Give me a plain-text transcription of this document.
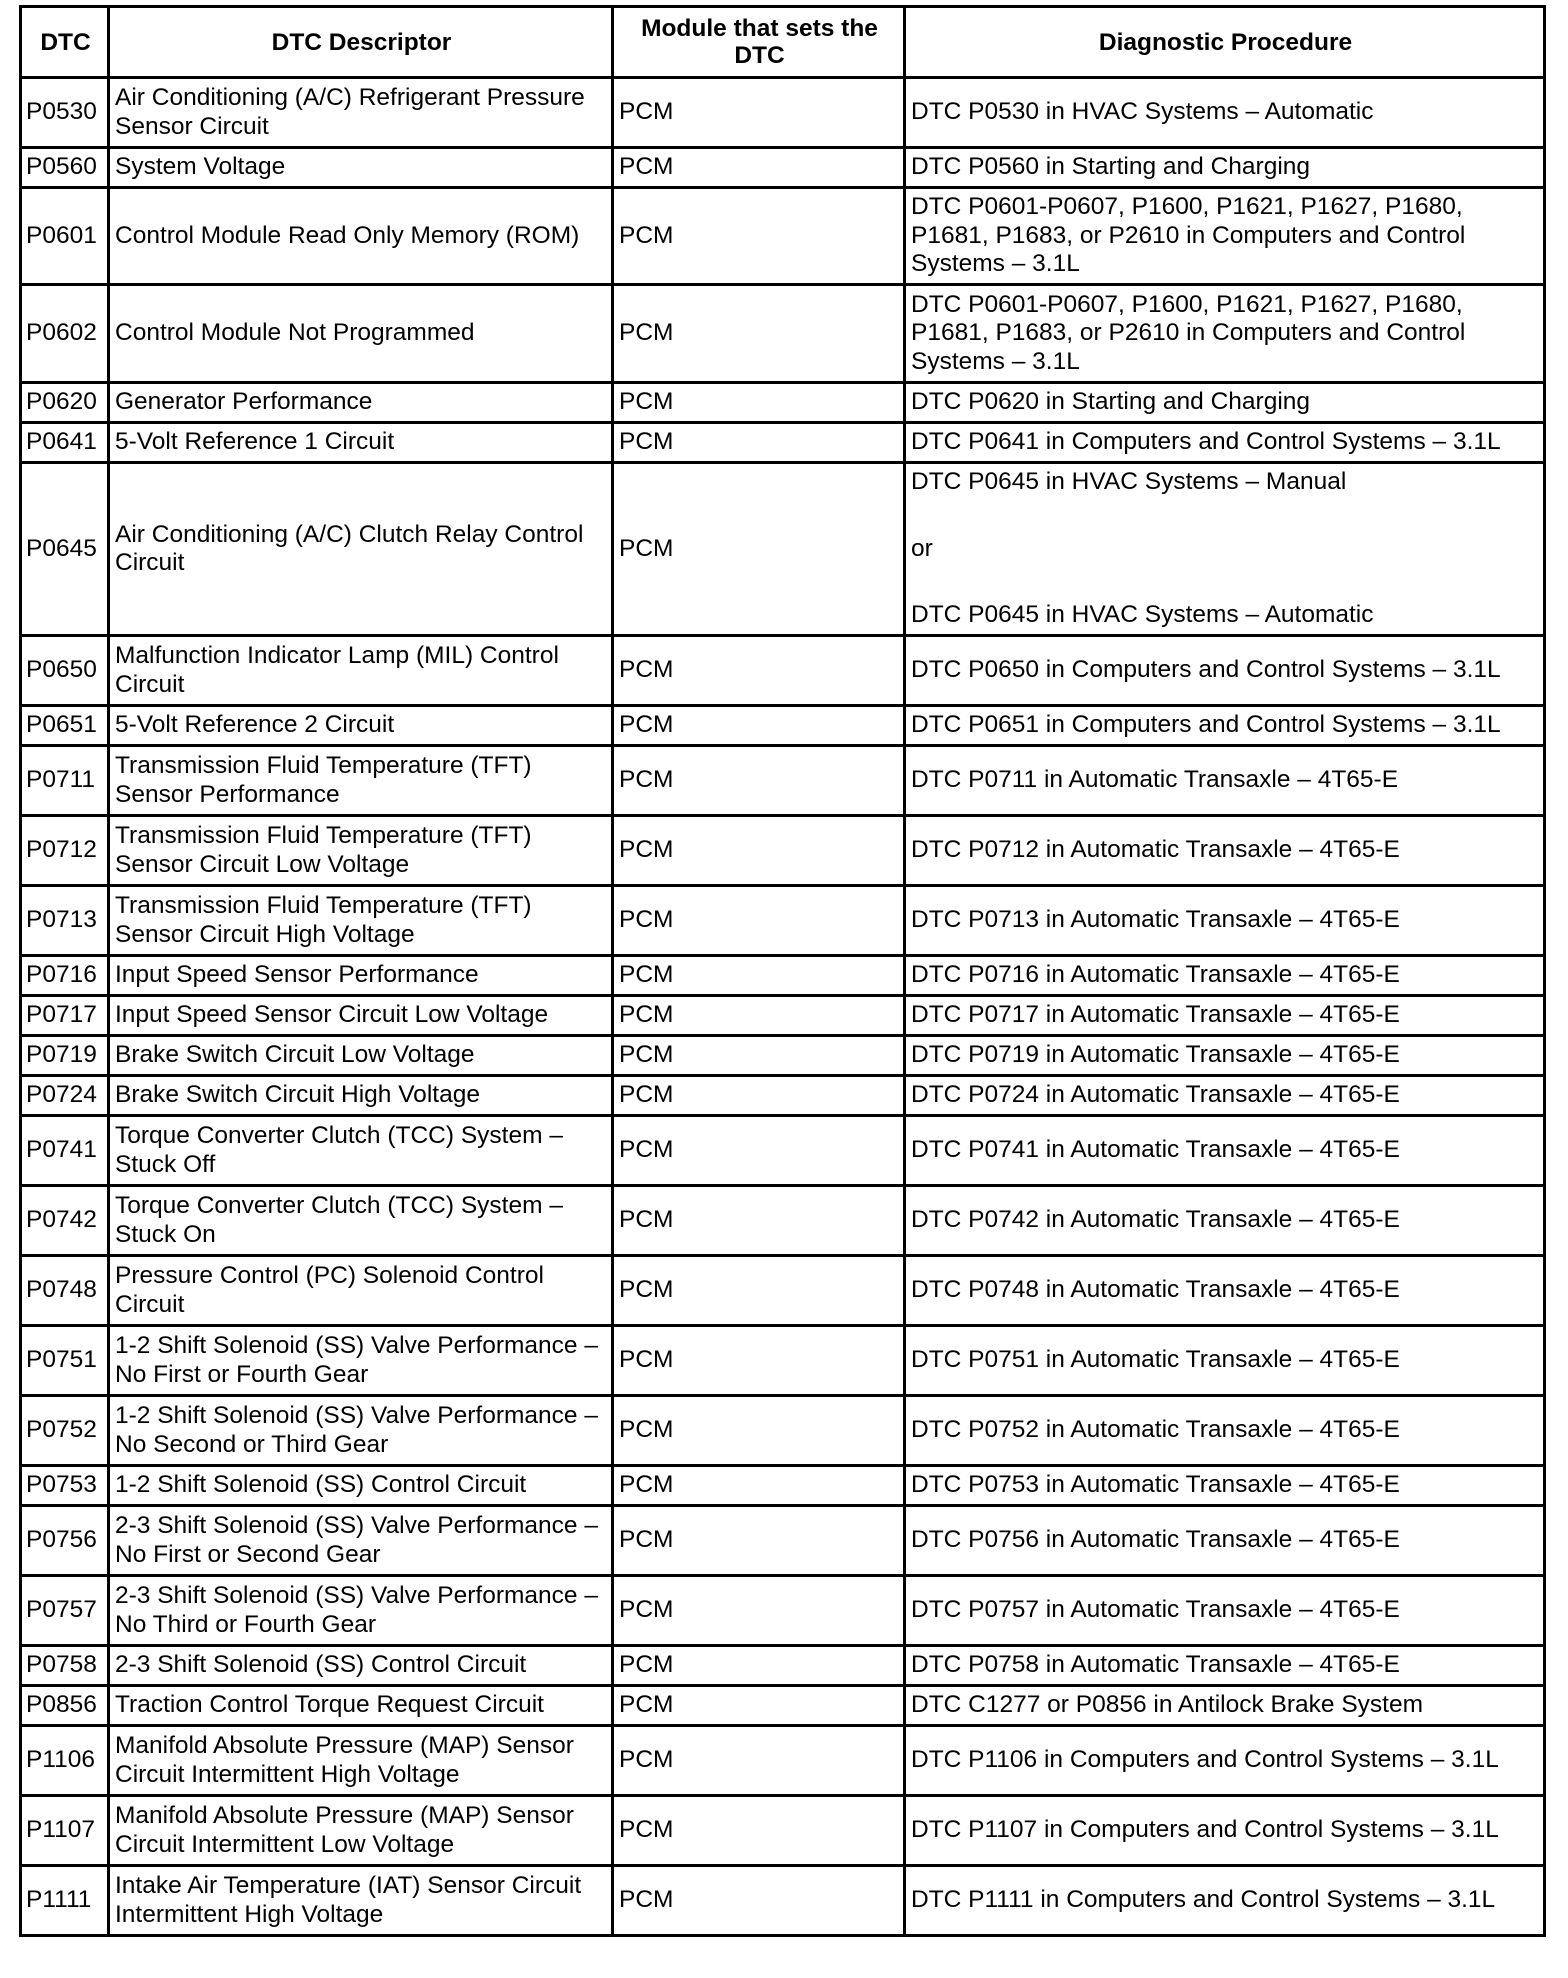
DTC	DTC Descriptor	Module that sets the DTC	Diagnostic Procedure
P0530	Air Conditioning (A/C) Refrigerant Pressure Sensor Circuit	PCM	DTC P0530 in HVAC Systems – Automatic

P0560	System Voltage	PCM	DTC P0560 in Starting and Charging

P0601	Control Module Read Only Memory (ROM)	PCM	DTC P0601-P0607, P1600, P1621, P1627, P1680, P1681, P1683, or P2610 in Computers and Control Systems – 3.1L

P0602	Control Module Not Programmed	PCM	DTC P0601-P0607, P1600, P1621, P1627, P1680, P1681, P1683, or P2610 in Computers and Control Systems – 3.1L

P0620	Generator Performance	PCM	DTC P0620 in Starting and Charging

P0641	5-Volt Reference 1 Circuit	PCM	DTC P0641 in Computers and Control Systems – 3.1L

P0645	Air Conditioning (A/C) Clutch Relay Control Circuit	PCM	DTC P0645 in HVAC Systems – Manual
or
DTC P0645 in HVAC Systems – Automatic

P0650	Malfunction Indicator Lamp (MIL) Control Circuit	PCM	DTC P0650 in Computers and Control Systems – 3.1L

P0651	5-Volt Reference 2 Circuit	PCM	DTC P0651 in Computers and Control Systems – 3.1L

P0711	Transmission Fluid Temperature (TFT) Sensor Performance	PCM	DTC P0711 in Automatic Transaxle – 4T65-E

P0712	Transmission Fluid Temperature (TFT) Sensor Circuit Low Voltage	PCM	DTC P0712 in Automatic Transaxle – 4T65-E

P0713	Transmission Fluid Temperature (TFT) Sensor Circuit High Voltage	PCM	DTC P0713 in Automatic Transaxle – 4T65-E

P0716	Input Speed Sensor Performance	PCM	DTC P0716 in Automatic Transaxle – 4T65-E

P0717	Input Speed Sensor Circuit Low Voltage	PCM	DTC P0717 in Automatic Transaxle – 4T65-E

P0719	Brake Switch Circuit Low Voltage	PCM	DTC P0719 in Automatic Transaxle – 4T65-E

P0724	Brake Switch Circuit High Voltage	PCM	DTC P0724 in Automatic Transaxle – 4T65-E

P0741	Torque Converter Clutch (TCC) System – Stuck Off	PCM	DTC P0741 in Automatic Transaxle – 4T65-E

P0742	Torque Converter Clutch (TCC) System – Stuck On	PCM	DTC P0742 in Automatic Transaxle – 4T65-E

P0748	Pressure Control (PC) Solenoid Control Circuit	PCM	DTC P0748 in Automatic Transaxle – 4T65-E

P0751	1-2 Shift Solenoid (SS) Valve Performance – No First or Fourth Gear	PCM	DTC P0751 in Automatic Transaxle – 4T65-E

P0752	1-2 Shift Solenoid (SS) Valve Performance – No Second or Third Gear	PCM	DTC P0752 in Automatic Transaxle – 4T65-E

P0753	1-2 Shift Solenoid (SS) Control Circuit	PCM	DTC P0753 in Automatic Transaxle – 4T65-E

P0756	2-3 Shift Solenoid (SS) Valve Performance – No First or Second Gear	PCM	DTC P0756 in Automatic Transaxle – 4T65-E

P0757	2-3 Shift Solenoid (SS) Valve Performance – No Third or Fourth Gear	PCM	DTC P0757 in Automatic Transaxle – 4T65-E

P0758	2-3 Shift Solenoid (SS) Control Circuit	PCM	DTC P0758 in Automatic Transaxle – 4T65-E

P0856	Traction Control Torque Request Circuit	PCM	DTC C1277 or P0856 in Antilock Brake System

P1106	Manifold Absolute Pressure (MAP) Sensor Circuit Intermittent High Voltage	PCM	DTC P1106 in Computers and Control Systems – 3.1L

P1107	Manifold Absolute Pressure (MAP) Sensor Circuit Intermittent Low Voltage	PCM	DTC P1107 in Computers and Control Systems – 3.1L

P1111	Intake Air Temperature (IAT) Sensor Circuit Intermittent High Voltage	PCM	DTC P1111 in Computers and Control Systems – 3.1L
